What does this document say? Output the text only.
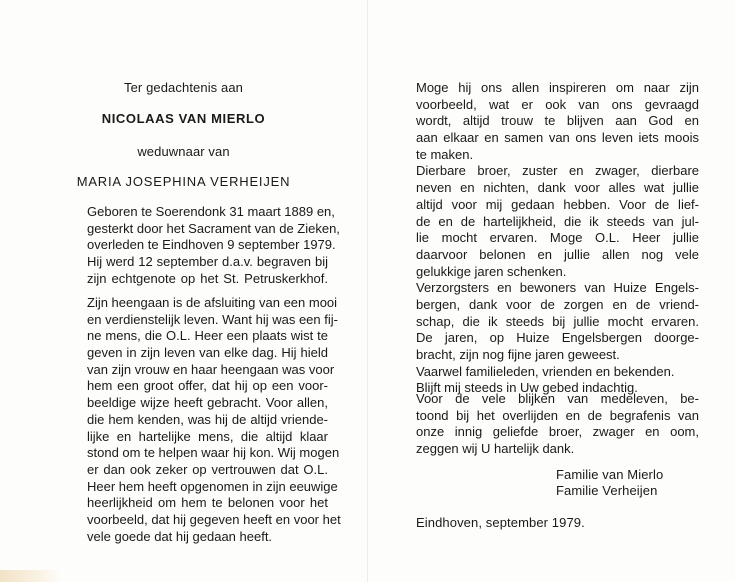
Ter gedachtenis aan
NICOLAAS VAN MIERLO
weduwnaar van
MARIA JOSEPHINA VERHEIJEN
Geboren te Soerendonk 31 maart 1889 en,
gesterkt door het Sacrament van de Zieken,
overleden te Eindhoven 9 september 1979.
Hij werd 12 september d.a.v. begraven bij
zijn echtgenote op het St. Petruskerkhof.
Zijn heengaan is de afsluiting van een mooi
en verdienstelijk leven. Want hij was een fij-
ne mens, die O.L. Heer een plaats wist te
geven in zijn leven van elke dag. Hij hield
van zijn vrouw en haar heengaan was voor
hem een groot offer, dat hij op een voor-
beeldige wijze heeft gebracht. Voor allen,
die hem kenden, was hij de altijd vriende-
lijke en hartelijke mens, die altijd klaar
stond om te helpen waar hij kon. Wij mogen
er dan ook zeker op vertrouwen dat O.L.
Heer hem heeft opgenomen in zijn eeuwige
heerlijkheid om hem te belonen voor het
voorbeeld, dat hij gegeven heeft en voor het
vele goede dat hij gedaan heeft.
Moge hij ons allen inspireren om naar zijn
voorbeeld, wat er ook van ons gevraagd
wordt, altijd trouw te blijven aan God en
aan elkaar en samen van ons leven iets moois
te maken.
Dierbare broer, zuster en zwager, dierbare
neven en nichten, dank voor alles wat jullie
altijd voor mij gedaan hebben. Voor de lief-
de en de hartelijkheid, die ik steeds van jul-
lie mocht ervaren. Moge O.L. Heer jullie
daarvoor belonen en jullie allen nog vele
gelukkige jaren schenken.
Verzorgsters en bewoners van Huize Engels-
bergen, dank voor de zorgen en de vriend-
schap, die ik steeds bij jullie mocht ervaren.
De jaren, op Huize Engelsbergen doorge-
bracht, zijn nog fijne jaren geweest.
Vaarwel familieleden, vrienden en bekenden.
Blijft mij steeds in Uw gebed indachtig.
Voor de vele blijken van medeleven, be-
toond bij het overlijden en de begrafenis van
onze innig geliefde broer, zwager en oom,
zeggen wij U hartelijk dank.
Familie van Mierlo
Familie Verheijen
Eindhoven, september 1979.
